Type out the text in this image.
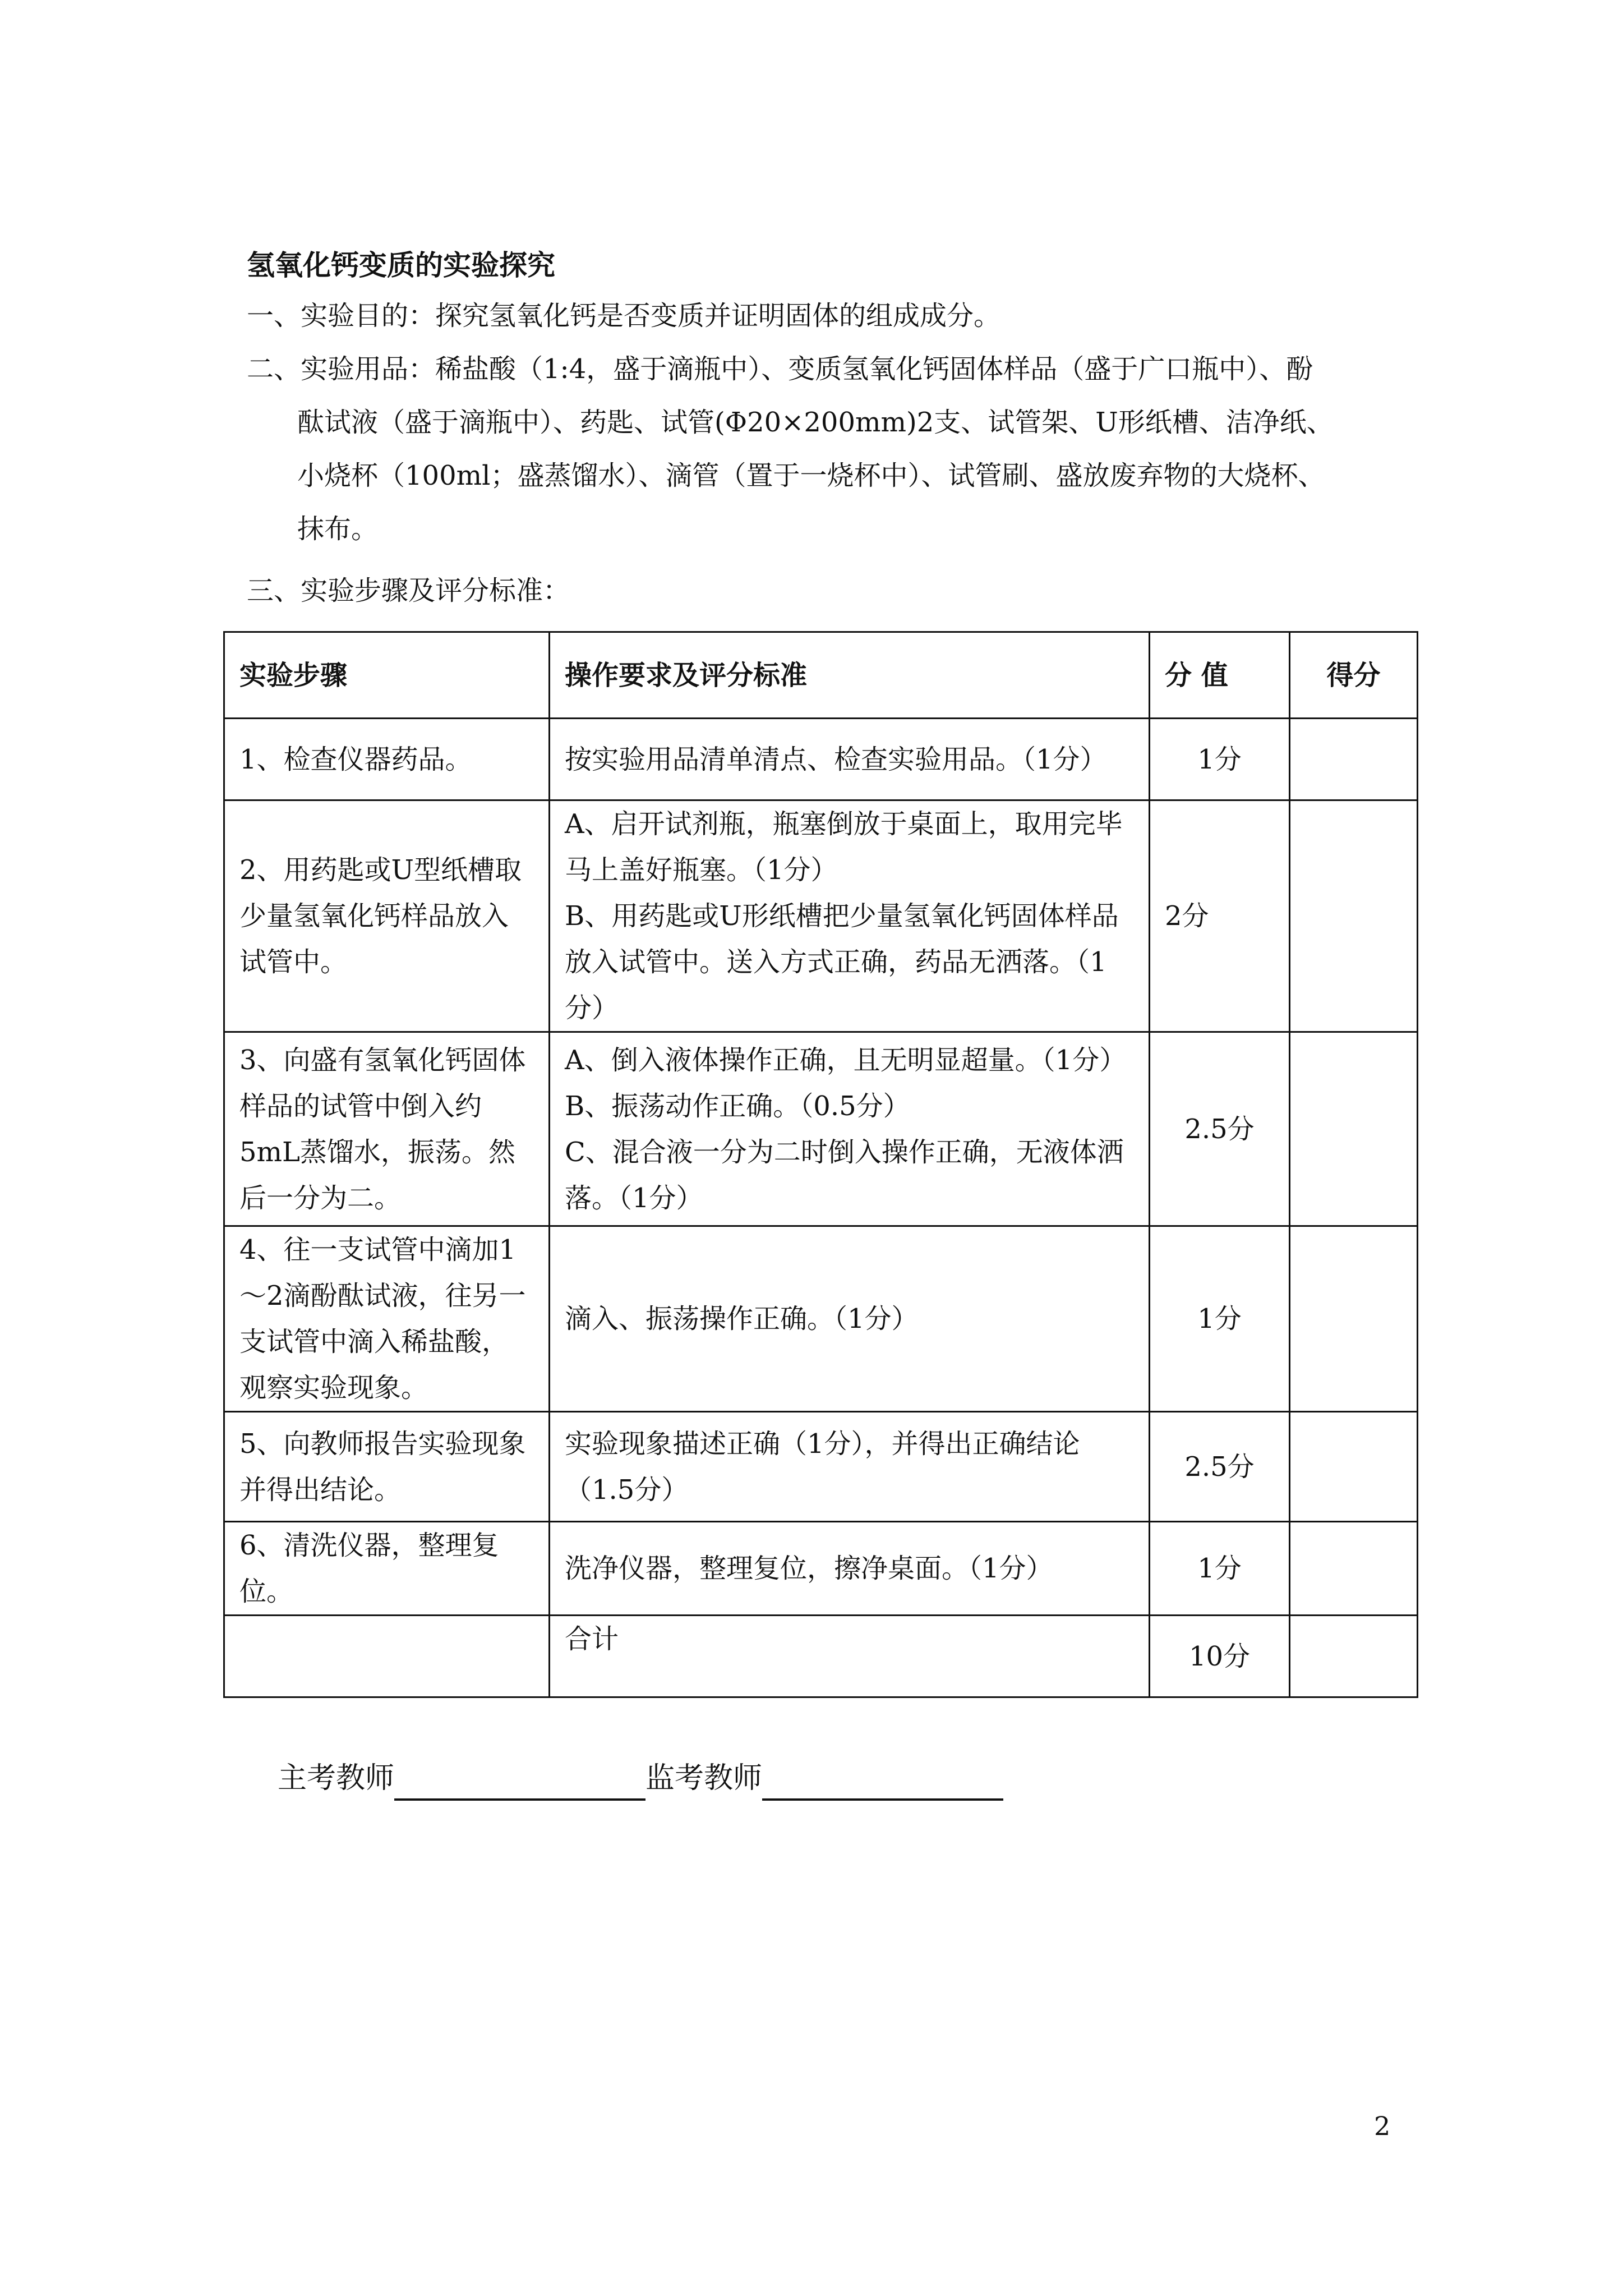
氢氧化钙变质的实验探究
一、实验目的：探究氢氧化钙是否变质并证明固体的组成成分。
二、实验用品：稀盐酸（1:4，盛于滴瓶中）、变质氢氧化钙固体样品（盛于广口瓶中）、酚
酞试液（盛于滴瓶中）、药匙、试管(Φ20×200mm)2支、试管架、U形纸槽、洁净纸、
小烧杯（100ml；盛蒸馏水）、滴管（置于一烧杯中）、试管刷、盛放废弃物的大烧杯、
抹布。
三、实验步骤及评分标准：
实验步骤	操作要求及评分标准	分 值	得分
1、检查仪器药品。	按实验用品清单清点、检查实验用品。（1分）	1分	
2、用药匙或U型纸槽取少量氢氧化钙样品放入试管中。	A、启开试剂瓶，瓶塞倒放于桌面上，取用完毕马上盖好瓶塞。（1分）
B、用药匙或U形纸槽把少量氢氧化钙固体样品放入试管中。送入方式正确，药品无洒落。（1分）	2分	
3、向盛有氢氧化钙固体样品的试管中倒入约5mL蒸馏水，振荡。然后一分为二。	A、倒入液体操作正确，且无明显超量。（1分）
B、振荡动作正确。（0.5分）
C、混合液一分为二时倒入操作正确，无液体洒落。（1分）	2.5分	
4、往一支试管中滴加1～2滴酚酞试液，往另一支试管中滴入稀盐酸，观察实验现象。	滴入、振荡操作正确。（1分）	1分	
5、向教师报告实验现象并得出结论。	实验现象描述正确（1分），并得出正确结论（1.5分）	2.5分	
6、清洗仪器，整理复位。	洗净仪器，整理复位，擦净桌面。（1分）	1分	

	合计	10分	
主考教师	监考教师
2
